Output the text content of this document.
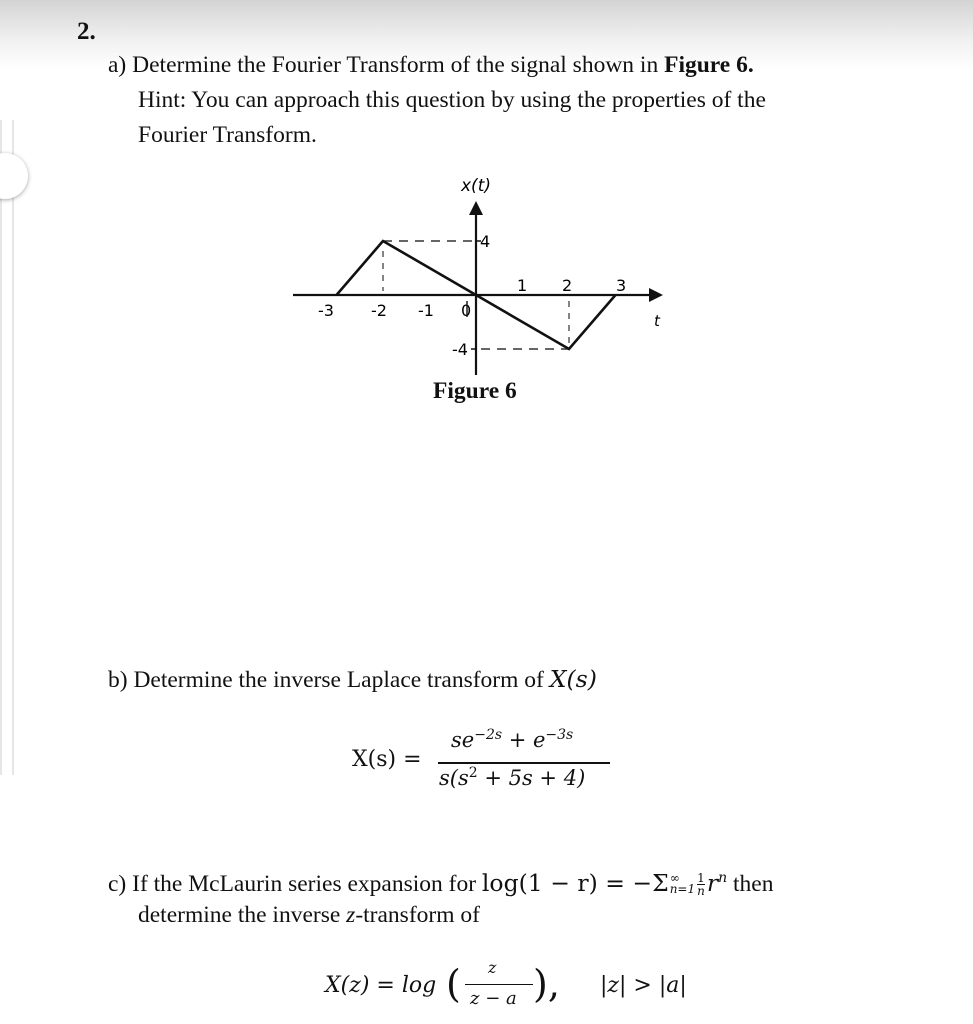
2.
a) Determine the Fourier Transform of the signal shown in Figure 6.
Hint: You can approach this question by using the properties of the
Fourier Transform.
x(t)
4
-4
-3 -2 -1 0
1 2	3
t
Figure 6
b) Determine the inverse Laplace transform of X(s)
X(s) =
$se^{-2s} + e^{-3s}$
$s(s^2 + 5s + 4)$
c) If the McLaurin series expansion for log(1 − r) = −Σ ∞
$n=1 \frac{1}{n} r^n$ then
determine the inverse z-transform of
X(z) = log ( z
z − a ), |z| > |a|
